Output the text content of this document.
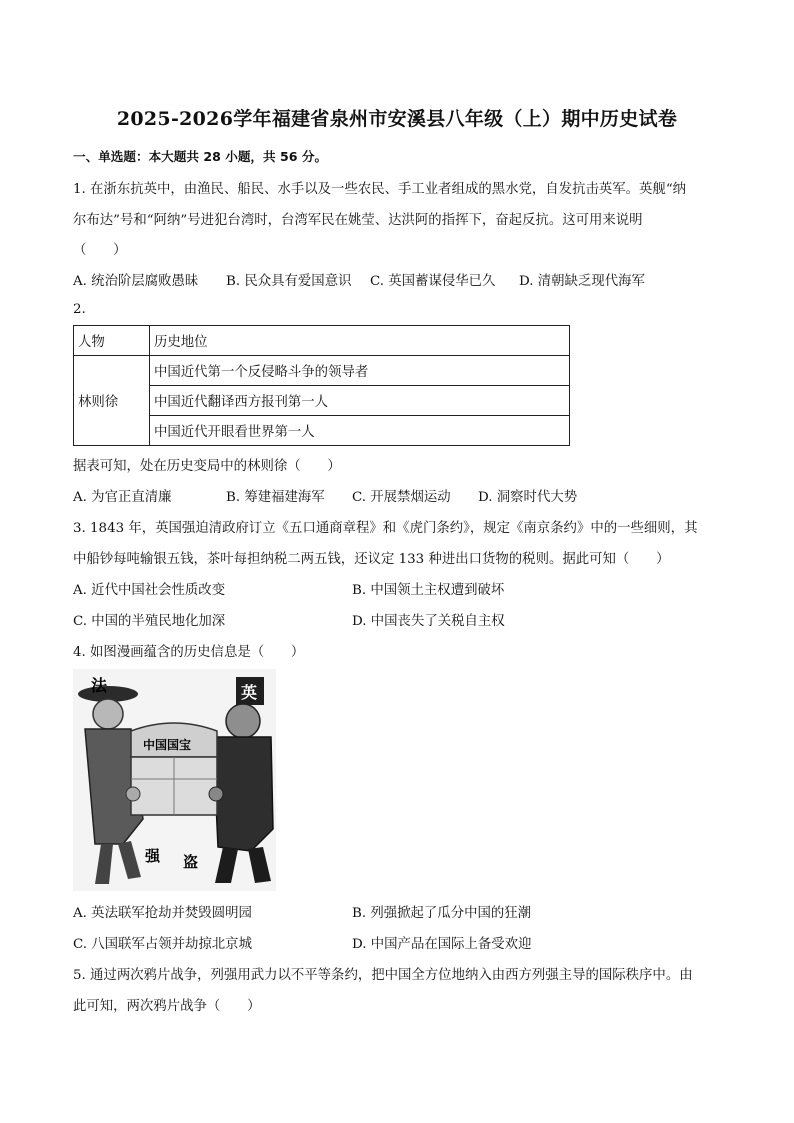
2025-2026学年福建省泉州市安溪县八年级（上）期中历史试卷
一、单选题：本大题共 28 小题，共 56 分。
1. 在浙东抗英中，由渔民、船民、水手以及一些农民、手工业者组成的黑水党，自发抗击英军。英舰“纳
尔布达”号和“阿纳”号进犯台湾时，台湾军民在姚莹、达洪阿的指挥下，奋起反抗。这可用来说明
（　　）
A. 统治阶层腐败愚昧 B. 民众具有爱国意识 C. 英国蓄谋侵华已久 D. 清朝缺乏现代海军
2.
人物	历史地位
林则徐	中国近代第一个反侵略斗争的领导者
	中国近代翻译西方报刊第一人
	中国近代开眼看世界第一人
据表可知，处在历史变局中的林则徐（　　）
A. 为官正直清廉	B. 筹建福建海军 C. 开展禁烟运动 D. 洞察时代大势
3. 1843 年，英国强迫清政府订立《五口通商章程》和《虎门条约》，规定《南京条约》中的一些细则，其
中船钞每吨输银五钱，茶叶每担纳税二两五钱，还议定 133 种进出口货物的税则。据此可知（　　）
A. 近代中国社会性质改变	B. 中国领土主权遭到破坏
C. 中国的半殖民地化加深	D. 中国丧失了关税自主权
4. 如图漫画蕴含的历史信息是（　　）
法	英
中国国宝
强 盗
A. 英法联军抢劫并焚毁圆明园	B. 列强掀起了瓜分中国的狂潮
C. 八国联军占领并劫掠北京城	D. 中国产品在国际上备受欢迎
5. 通过两次鸦片战争，列强用武力以不平等条约，把中国全方位地纳入由西方列强主导的国际秩序中。由
此可知，两次鸦片战争（　　）
